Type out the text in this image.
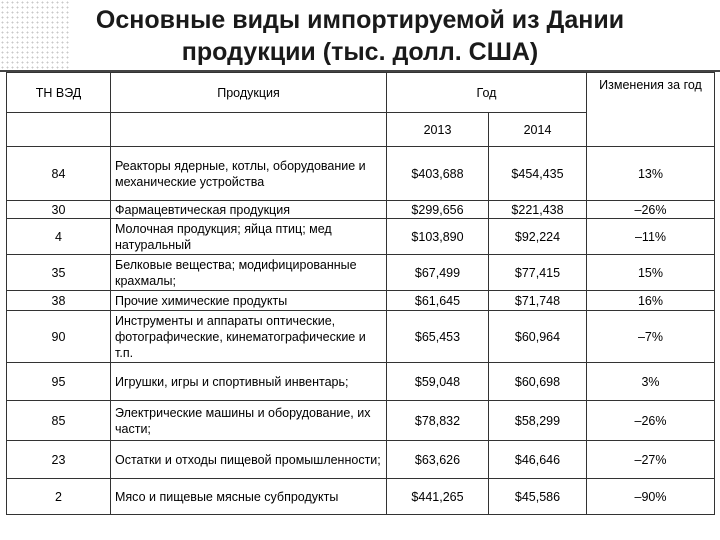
Основные виды импортируемой из Дании
продукции (тыс. долл. США)
ТН ВЭД	Продукция	Год		Изменения за год
		2013	2014	
84	Реакторы ядерные, котлы, оборудование и механические устройства	$403,688	$454,435	13%
30	Фармацевтическая продукция	$299,656	$221,438	–26%
4	Молочная продукция; яйца птиц; мед натуральный	$103,890	$92,224	–11%
35	Белковые вещества; модифицированные крахмалы;	$67,499	$77,415	15%
38	Прочие химические продукты	$61,645	$71,748	16%
90	Инструменты и аппараты оптические, фотографические, кинематографические и т.п.	$65,453	$60,964	–7%
95	Игрушки, игры и спортивный инвентарь;	$59,048	$60,698	3%
85	Электрические машины и оборудование, их части;	$78,832	$58,299	–26%
23	Остатки и отходы пищевой промышленности;	$63,626	$46,646	–27%
2	Мясо и пищевые мясные субпродукты	$441,265	$45,586	–90%
